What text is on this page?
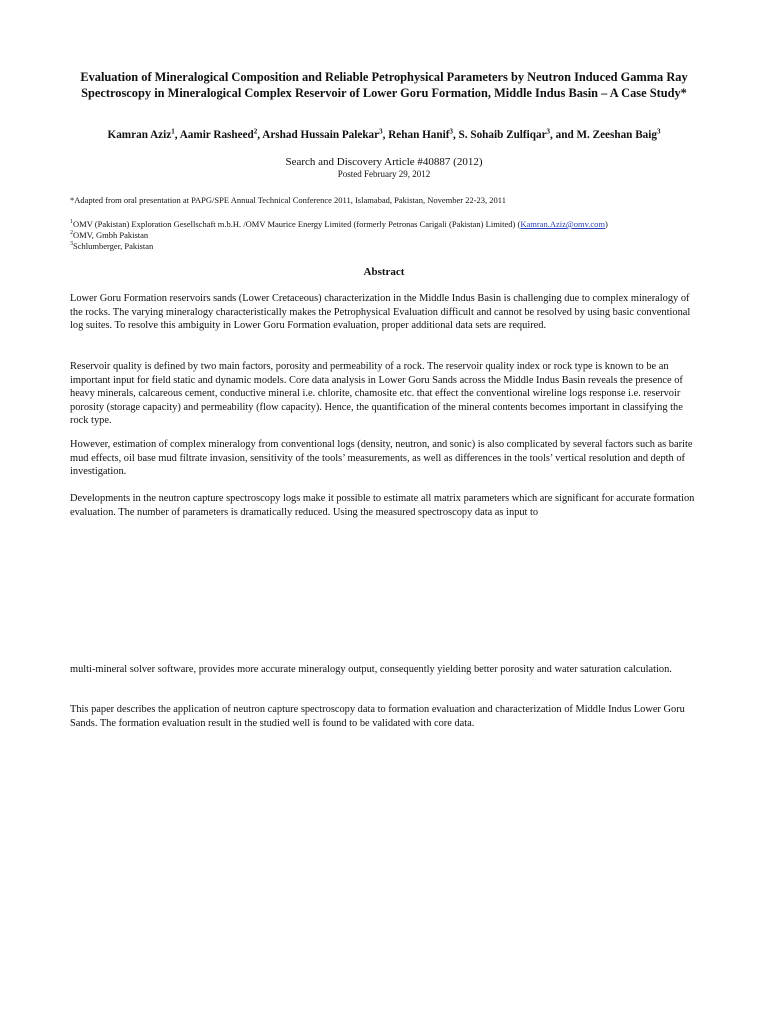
Evaluation of Mineralogical Composition and Reliable Petrophysical Parameters by Neutron Induced Gamma Ray Spectroscopy in Mineralogical Complex Reservoir of Lower Goru Formation, Middle Indus Basin – A Case Study*
Kamran Aziz$^1$, Aamir Rasheed$^2$, Arshad Hussain Palekar$^3$, Rehan Hanif$^3$, S. Sohaib Zulfiqar$^3$, and M. Zeeshan Baig$^3$
Search and Discovery Article #40887 (2012)
Posted February 29, 2012
*Adapted from oral presentation at PAPG/SPE Annual Technical Conference 2011, Islamabad, Pakistan, November 22-23, 2011
$^1$OMV (Pakistan) Exploration Gesellschaft m.b.H. /OMV Maurice Energy Limited (formerly Petronas Carigali (Pakistan) Limited) (Kamran.Aziz@omv.com)
$^2$OMV, Gmbh Pakistan
$^3$Schlumberger, Pakistan
Abstract
Lower Goru Formation reservoirs sands (Lower Cretaceous) characterization in the Middle Indus Basin is challenging due to complex mineralogy of the rocks. The varying mineralogy characteristically makes the Petrophysical Evaluation difficult and cannot be resolved by using basic conventional log suites. To resolve this ambiguity in Lower Goru Formation evaluation, proper additional data sets are required.
Reservoir quality is defined by two main factors, porosity and permeability of a rock. The reservoir quality index or rock type is known to be an important input for field static and dynamic models. Core data analysis in Lower Goru Sands across the Middle Indus Basin reveals the presence of heavy minerals, calcareous cement, conductive mineral i.e. chlorite, chamosite etc. that effect the conventional wireline logs response i.e. reservoir porosity (storage capacity) and permeability (flow capacity). Hence, the quantification of the mineral contents becomes important in classifying the rock type.
However, estimation of complex mineralogy from conventional logs (density, neutron, and sonic) is also complicated by several factors such as barite mud effects, oil base mud filtrate invasion, sensitivity of the tools’ measurements, as well as differences in the tools’ vertical resolution and depth of investigation.
Developments in the neutron capture spectroscopy logs make it possible to estimate all matrix parameters which are significant for accurate formation evaluation. The number of parameters is dramatically reduced. Using the measured spectroscopy data as input to
multi-mineral solver software, provides more accurate mineralogy output, consequently yielding better porosity and water saturation calculation.
This paper describes the application of neutron capture spectroscopy data to formation evaluation and characterization of Middle Indus Lower Goru Sands. The formation evaluation result in the studied well is found to be validated with core data.
